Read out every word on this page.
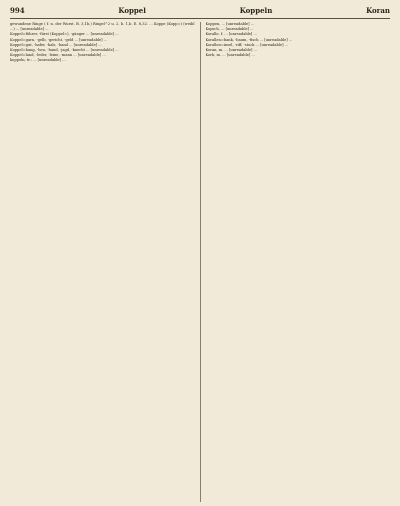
994	Koppel	Koppeln	Koran

gewundene Ringe ( f. n. der Wurst. B. 3,1b,) Ringel^2 u. 2. b. 1,b. E. 8,32. ... Koppe (Kopp=) (weibl ...) ... [unreadable] ...

Koppel=führer, -fürst (Koppel=), -gänger ... [unreadable] ...

Koppel=garn, -gelb, -gericht, -geld ... [unreadable] ...

Koppel=gut, -hafer, -hals, -hand ... [unreadable] ...

Koppel=hang, -heu, -hund, -jagd, -knecht ... [unreadable] ...

Koppel=land, -leder, -leine, -mann ... [unreadable] ...

koppeln, tr.: ... [unreadable] ...

Koppen, ... [unreadable] ...

Kopsch, ... [unreadable] ...

Koralle, f. ... [unreadable] ...

Korallen=bank, -baum, -fisch ... [unreadable] ...

Korallen=insel, -riff, -stock ... [unreadable] ...

Koran, m. ... [unreadable] ...

Korb, m. ... [unreadable] ...
